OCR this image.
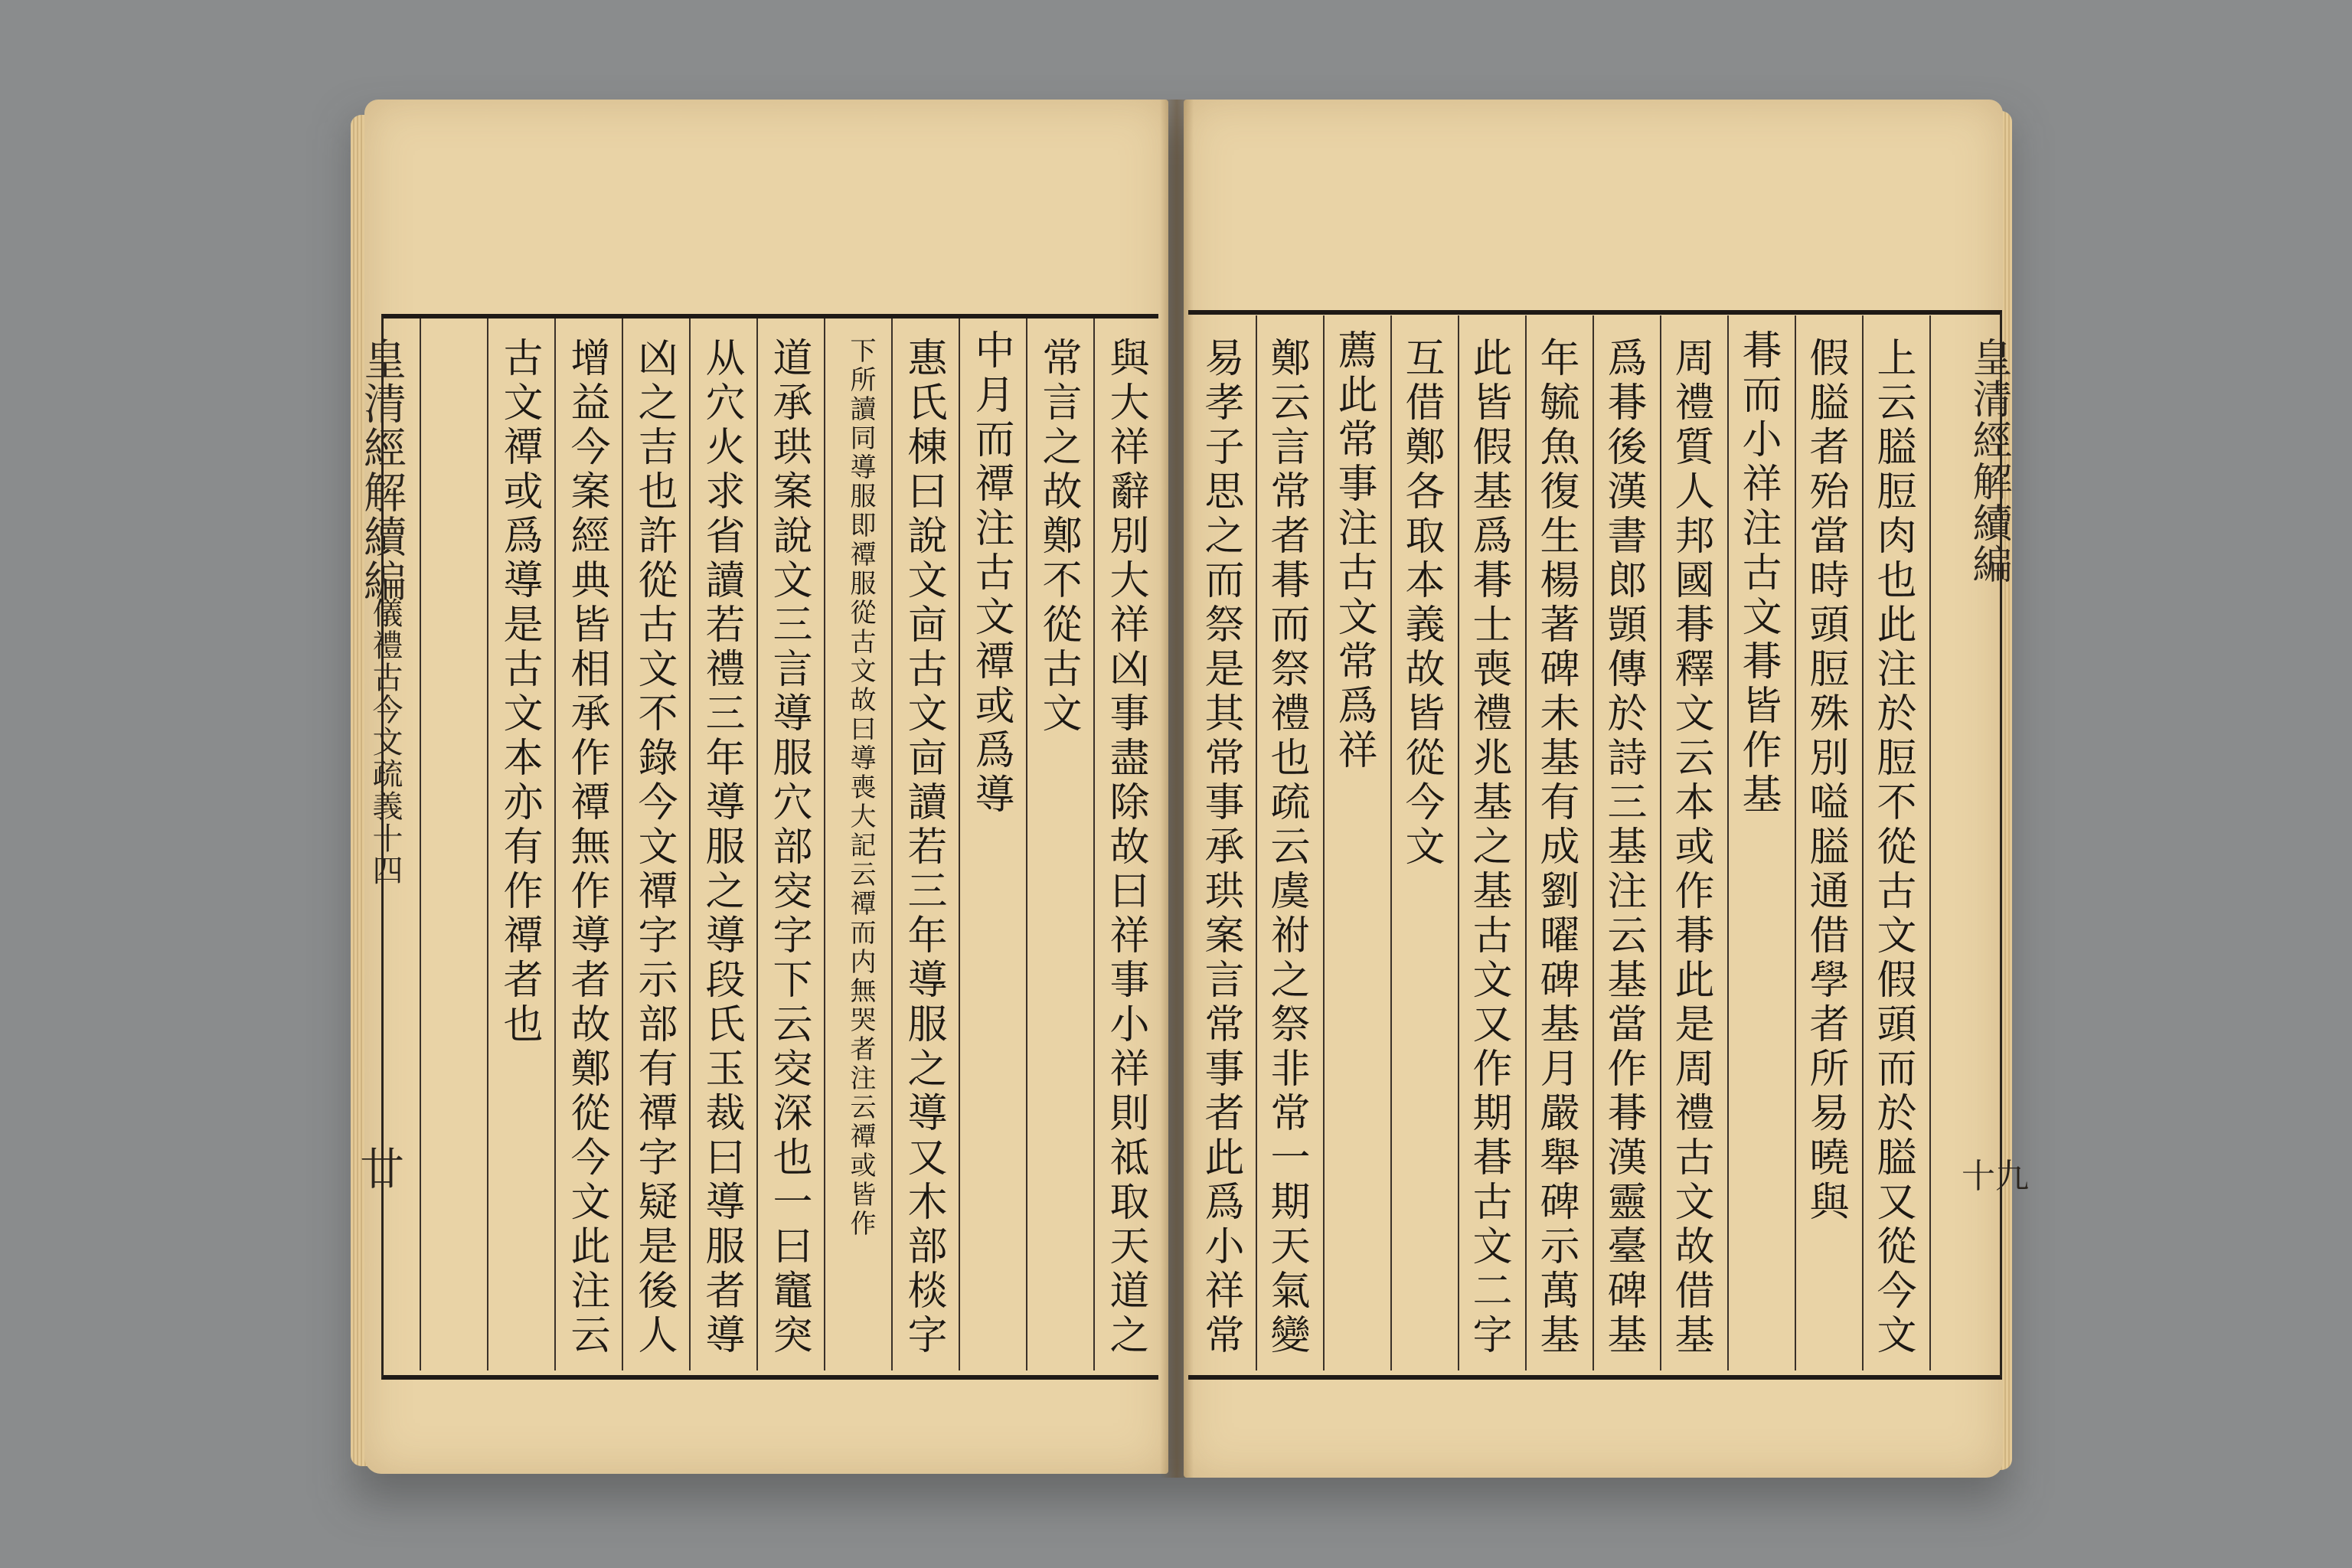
皇清經解續編
儀禮古今文疏義十四
廿	與大祥辭別大祥凶事盡除故曰祥事小祥則祗取天道之
常言之故鄭不從古文
中月而禫注古文禫或爲導
惠氏棟曰說文㐭古文㐭讀若三年導服之導又木部棪字
下所讀同導服即禫服從古文故曰導喪大記云禫而内無哭者注云禫或皆作
道承珙案說文三言導服穴部㝔字下云㝔深也一曰竈突
从穴火求省讀若禮三年導服之導段氏玉裁曰導服者導
凶之吉也許從古文不錄今文禫字示部有禫字疑是後人
增益今案經典皆相承作禫無作導者故鄭從今文此注云
古文禫或爲導是古文本亦有作禫者也	皇清經解續編
十九
上云膉脰肉也此注於脰不從古文假頭而於膉又從今文
假膉者殆當時頭脰殊別嗌膉通借學者所易曉與
朞而小祥注古文朞皆作基
周禮質人邦國朞釋文云本或作朞此是周禮古文故借基
爲朞後漢書郎顗傳於詩三基注云基當作朞漢靈臺碑基
年毓魚復生楊著碑未基有成劉曜碑基月嚴舉碑示萬基
此皆假基爲朞士喪禮兆基之基古文又作期㫷古文二字
互借鄭各取本義故皆從今文
薦此常事注古文常爲祥
鄭云言常者朞而祭禮也疏云虞祔之祭非常一期天氣變
易孝子思之而祭是其常事承珙案言常事者此爲小祥常
